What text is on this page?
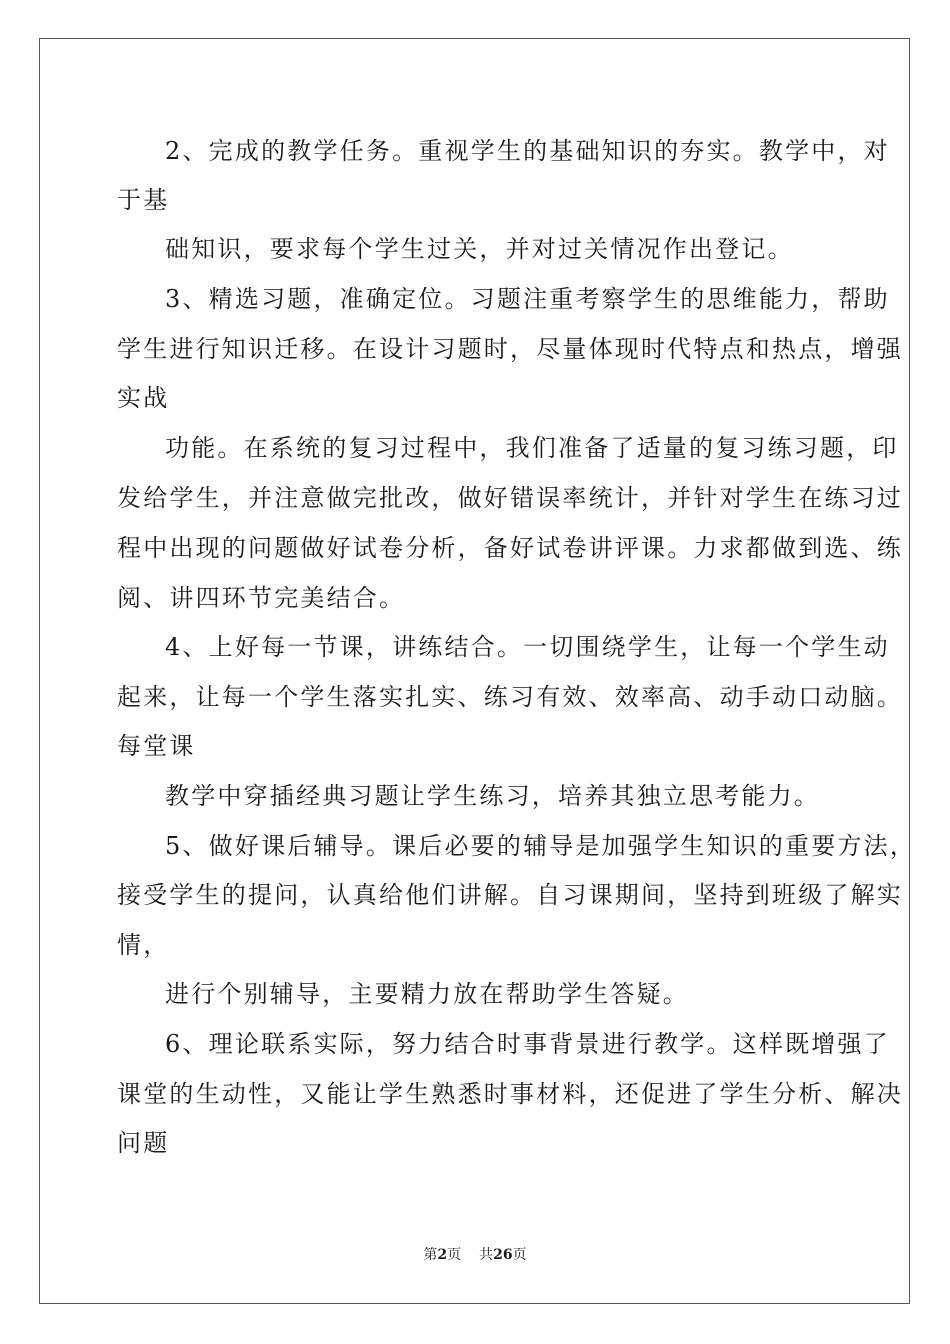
2、完成的教学任务。重视学生的基础知识的夯实。教学中，对
于基
础知识，要求每个学生过关，并对过关情况作出登记。
3、精选习题，准确定位。习题注重考察学生的思维能力，帮助
学生进行知识迁移。在设计习题时，尽量体现时代特点和热点，增强
实战
功能。在系统的复习过程中，我们准备了适量的复习练习题，印
发给学生，并注意做完批改，做好错误率统计，并针对学生在练习过
程中出现的问题做好试卷分析，备好试卷讲评课。力求都做到选、练
阅、讲四环节完美结合。
4、上好每一节课，讲练结合。一切围绕学生，让每一个学生动
起来，让每一个学生落实扎实、练习有效、效率高、动手动口动脑。
每堂课
教学中穿插经典习题让学生练习，培养其独立思考能力。
5、做好课后辅导。课后必要的辅导是加强学生知识的重要方法，
接受学生的提问，认真给他们讲解。自习课期间，坚持到班级了解实
情，
进行个别辅导，主要精力放在帮助学生答疑。
6、理论联系实际，努力结合时事背景进行教学。这样既增强了
课堂的生动性，又能让学生熟悉时事材料，还促进了学生分析、解决
问题
第2页 共26页
